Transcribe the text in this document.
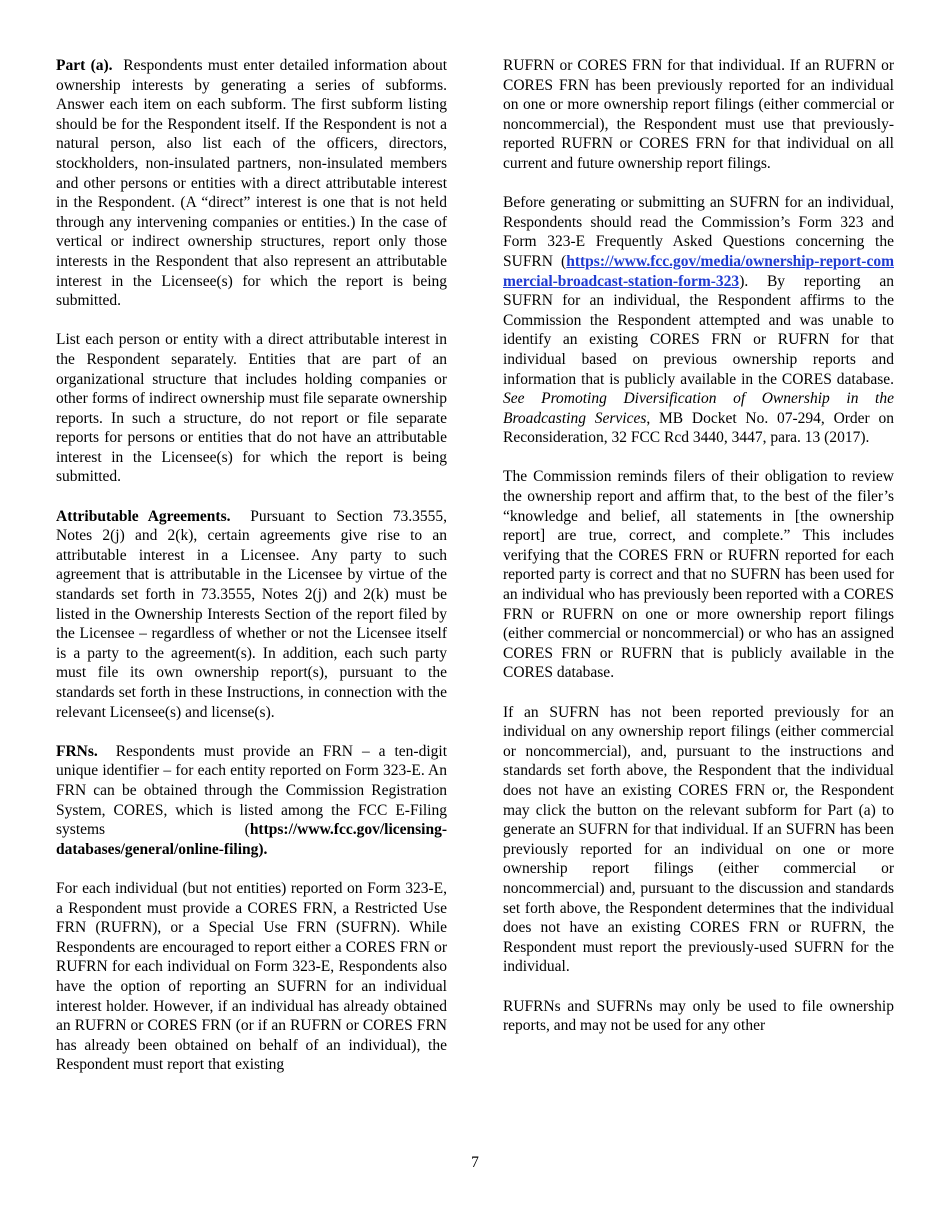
Part (a). Respondents must enter detailed information about ownership interests by generating a series of subforms. Answer each item on each subform. The first subform listing should be for the Respondent itself. If the Respondent is not a natural person, also list each of the officers, directors, stockholders, non-insulated partners, non-insulated members and other persons or entities with a direct attributable interest in the Respondent. (A “direct” interest is one that is not held through any intervening companies or entities.) In the case of vertical or indirect ownership structures, report only those interests in the Respondent that also represent an attributable interest in the Licensee(s) for which the report is being submitted.

List each person or entity with a direct attributable interest in the Respondent separately. Entities that are part of an organizational structure that includes holding companies or other forms of indirect ownership must file separate ownership reports. In such a structure, do not report or file separate reports for persons or entities that do not have an attributable interest in the Licensee(s) for which the report is being submitted.

Attributable Agreements. Pursuant to Section 73.3555, Notes 2(j) and 2(k), certain agreements give rise to an attributable interest in a Licensee. Any party to such agreement that is attributable in the Licensee by virtue of the standards set forth in 73.3555, Notes 2(j) and 2(k) must be listed in the Ownership Interests Section of the report filed by the Licensee – regardless of whether or not the Licensee itself is a party to the agreement(s). In addition, each such party must file its own ownership report(s), pursuant to the standards set forth in these Instructions, in connection with the relevant Licensee(s) and license(s).

FRNs. Respondents must provide an FRN – a ten-digit unique identifier – for each entity reported on Form 323-E. An FRN can be obtained through the Commission Registration System, CORES, which is listed among the FCC E-Filing systems (https://www.fcc.gov/licensing-databases/general/online-filing).

For each individual (but not entities) reported on Form 323-E, a Respondent must provide a CORES FRN, a Restricted Use FRN (RUFRN), or a Special Use FRN (SUFRN). While Respondents are encouraged to report either a CORES FRN or RUFRN for each individual on Form 323-E, Respondents also have the option of reporting an SUFRN for an individual interest holder. However, if an individual has already obtained an RUFRN or CORES FRN (or if an RUFRN or CORES FRN has already been obtained on behalf of an individual), the Respondent must report that existing

RUFRN or CORES FRN for that individual. If an RUFRN or CORES FRN has been previously reported for an individual on one or more ownership report filings (either commercial or noncommercial), the Respondent must use that previously-reported RUFRN or CORES FRN for that individual on all current and future ownership report filings.

Before generating or submitting an SUFRN for an individual, Respondents should read the Commission’s Form 323 and Form 323-E Frequently Asked Questions concerning the SUFRN (https://www.fcc.gov/media/ownership-report-commercial-broadcast-station-form-323). By reporting an SUFRN for an individual, the Respondent affirms to the Commission the Respondent attempted and was unable to identify an existing CORES FRN or RUFRN for that individual based on previous ownership reports and information that is publicly available in the CORES database. See Promoting Diversification of Ownership in the Broadcasting Services, MB Docket No. 07-294, Order on Reconsideration, 32 FCC Rcd 3440, 3447, para. 13 (2017).

The Commission reminds filers of their obligation to review the ownership report and affirm that, to the best of the filer’s “knowledge and belief, all statements in [the ownership report] are true, correct, and complete.” This includes verifying that the CORES FRN or RUFRN reported for each reported party is correct and that no SUFRN has been used for an individual who has previously been reported with a CORES FRN or RUFRN on one or more ownership report filings (either commercial or noncommercial) or who has an assigned CORES FRN or RUFRN that is publicly available in the CORES database.

If an SUFRN has not been reported previously for an individual on any ownership report filings (either commercial or noncommercial), and, pursuant to the instructions and standards set forth above, the Respondent that the individual does not have an existing CORES FRN or, the Respondent may click the button on the relevant subform for Part (a) to generate an SUFRN for that individual. If an SUFRN has been previously reported for an individual on one or more ownership report filings (either commercial or noncommercial) and, pursuant to the discussion and standards set forth above, the Respondent determines that the individual does not have an existing CORES FRN or RUFRN, the Respondent must report the previously-used SUFRN for the individual.

RUFRNs and SUFRNs may only be used to file ownership reports, and may not be used for any other

7
